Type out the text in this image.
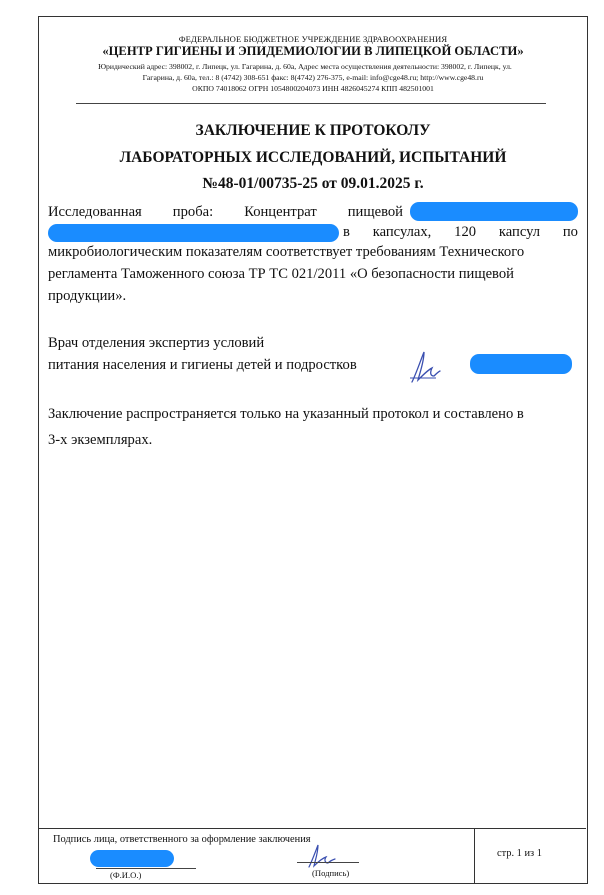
ФЕДЕРАЛЬНОЕ БЮДЖЕТНОЕ УЧРЕЖДЕНИЕ ЗДРАВООХРАНЕНИЯ
«ЦЕНТР ГИГИЕНЫ И ЭПИДЕМИОЛОГИИ В ЛИПЕЦКОЙ ОБЛАСТИ»
Юридический адрес: 398002, г. Липецк, ул. Гагарина, д. 60а, Адрес места осуществления деятельности: 398002, г. Липецк, ул.
Гагарина, д. 60а, тел.: 8 (4742) 308-651 факс: 8(4742) 276-375, e-mail: info@cge48.ru; http://www.cge48.ru
ОКПО 74018062 ОГРН 1054800204073 ИНН 4826045274 КПП 482501001
ЗАКЛЮЧЕНИЕ К ПРОТОКОЛУ
ЛАБОРАТОРНЫХ ИССЛЕДОВАНИЙ, ИСПЫТАНИЙ
№48-01/00735-25 от 09.01.2025 г.
Исследованная проба: Концентрат пищевой
в капсулах, 120 капсул по
микробиологическим показателям соответствует требованиям Технического
регламента Таможенного союза ТР ТС 021/2011 «О безопасности пищевой
продукции».
Врач отделения экспертиз условий
питания населения и гигиены детей и подростков
Заключение распространяется только на указанный протокол и составлено в
3-х экземплярах.
Подпись лица, ответственного за оформление заключения
(Ф.И.О.)	(Подпись)
стр. 1 из 1
